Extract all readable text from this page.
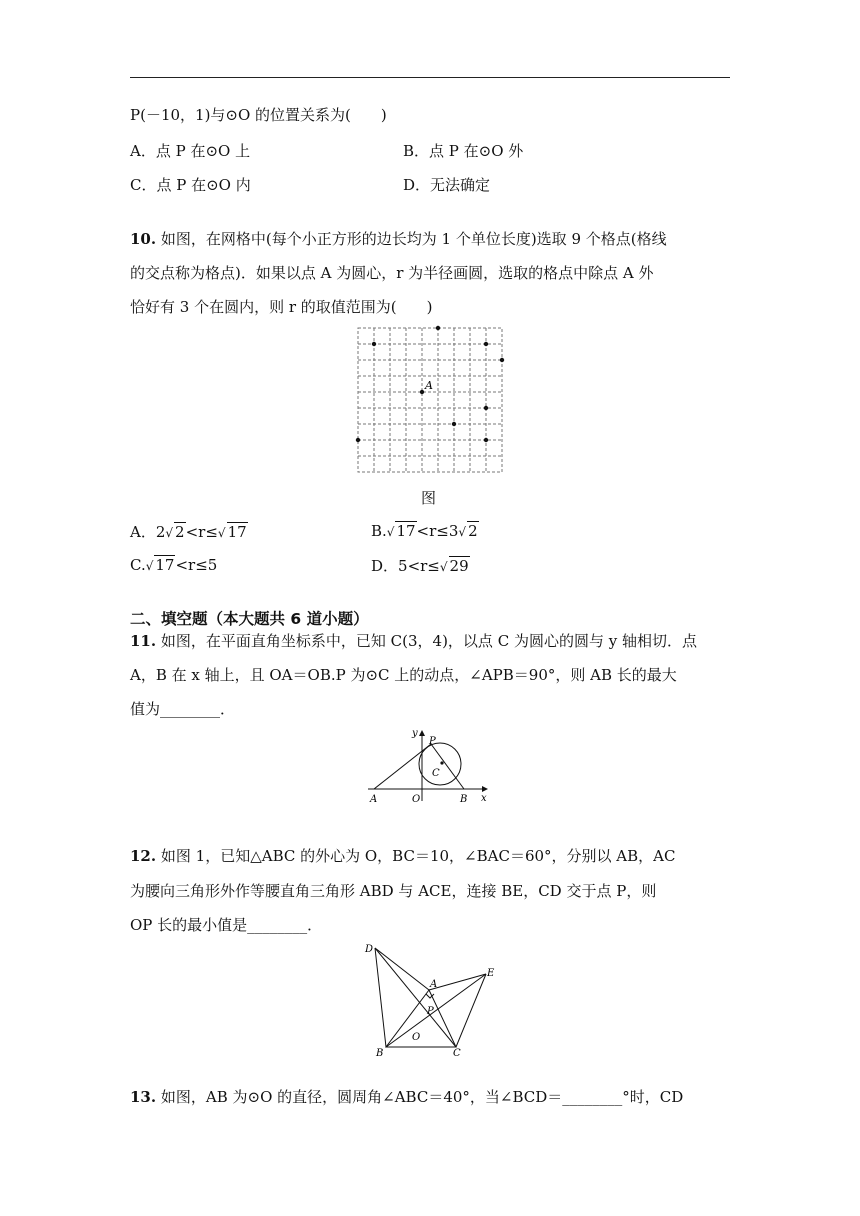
P(－10，1)与⊙O 的位置关系为(　　)
A．点 P 在⊙O 上	B．点 P 在⊙O 外
C．点 P 在⊙O 内	D．无法确定
10. 如图，在网格中(每个小正方形的边长均为 1 个单位长度)选取 9 个格点(格线
的交点称为格点)．如果以点 A 为圆心，r 为半径画圆，选取的格点中除点 A 外
恰好有 3 个在圆内，则 r 的取值范围为(　　)
A
图
A．2√ 2<r≤√ 17	B.√ 17<r≤3√ 2
C.√ 17<r≤5	D．5<r≤√ 29
二、填空题（本大题共 6 道小题）
11. 如图，在平面直角坐标系中，已知 C(3，4)，以点 C 为圆心的圆与 y 轴相切．点
A，B 在 x 轴上，且 OA＝OB.P 为⊙C 上的动点，∠APB＝90°，则 AB 长的最大
值为________．
y
x
P
C
A	O	B
12. 如图 1，已知△ABC 的外心为 O，BC＝10，∠BAC＝60°，分别以 AB，AC
为腰向三角形外作等腰直角三角形 ABD 与 ACE，连接 BE，CD 交于点 P，则
OP 长的最小值是________．
D
E
A
P
O
B	C
13. 如图，AB 为⊙O 的直径，圆周角∠ABC＝40°，当∠BCD＝________°时，CD
